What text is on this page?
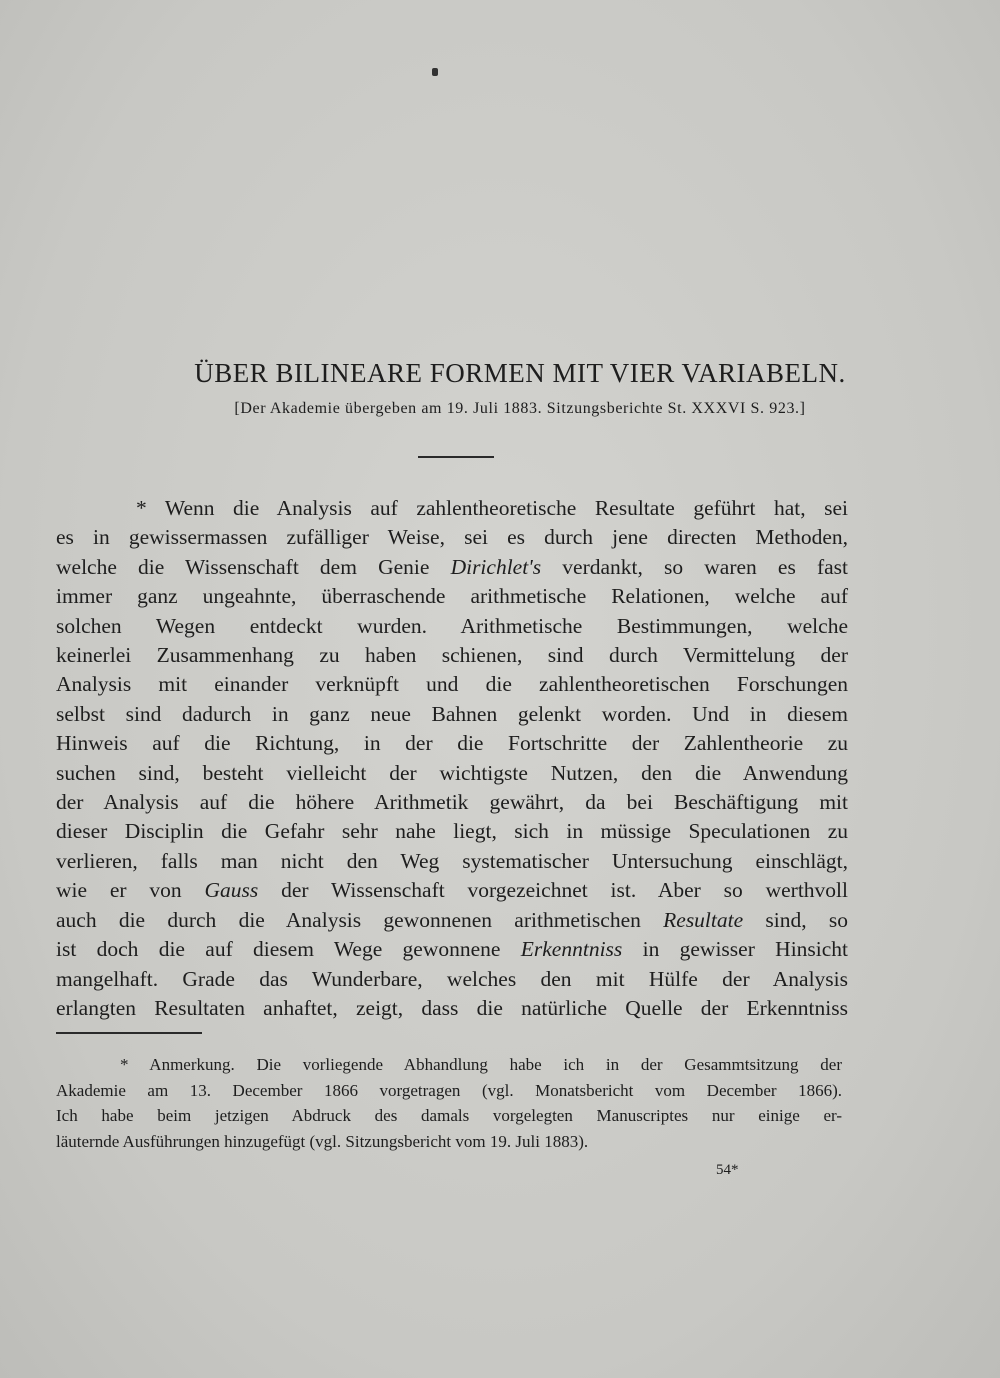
ÜBER BILINEARE FORMEN MIT VIER VARIABELN.
[Der Akademie übergeben am 19. Juli 1883. Sitzungsberichte St. XXXVI S. 923.]
* Wenn die Analysis auf zahlentheoretische Resultate geführt hat, sei
es in gewissermassen zufälliger Weise, sei es durch jene directen Methoden,
welche die Wissenschaft dem Genie Dirichlet's verdankt, so waren es fast
immer ganz ungeahnte, überraschende arithmetische Relationen, welche auf
solchen Wegen entdeckt wurden. Arithmetische Bestimmungen, welche
keinerlei Zusammenhang zu haben schienen, sind durch Vermittelung der
Analysis mit einander verknüpft und die zahlentheoretischen Forschungen
selbst sind dadurch in ganz neue Bahnen gelenkt worden. Und in diesem
Hinweis auf die Richtung, in der die Fortschritte der Zahlentheorie zu
suchen sind, besteht vielleicht der wichtigste Nutzen, den die Anwendung
der Analysis auf die höhere Arithmetik gewährt, da bei Beschäftigung mit
dieser Disciplin die Gefahr sehr nahe liegt, sich in müssige Speculationen zu
verlieren, falls man nicht den Weg systematischer Untersuchung einschlägt,
wie er von Gauss der Wissenschaft vorgezeichnet ist. Aber so werthvoll
auch die durch die Analysis gewonnenen arithmetischen Resultate sind, so
ist doch die auf diesem Wege gewonnene Erkenntniss in gewisser Hinsicht
mangelhaft. Grade das Wunderbare, welches den mit Hülfe der Analysis
erlangten Resultaten anhaftet, zeigt, dass die natürliche Quelle der Erkenntniss
* Anmerkung. Die vorliegende Abhandlung habe ich in der Gesammtsitzung der
Akademie am 13. December 1866 vorgetragen (vgl. Monatsbericht vom December 1866).
Ich habe beim jetzigen Abdruck des damals vorgelegten Manuscriptes nur einige er-
läuternde Ausführungen hinzugefügt (vgl. Sitzungsbericht vom 19. Juli 1883).
54*
